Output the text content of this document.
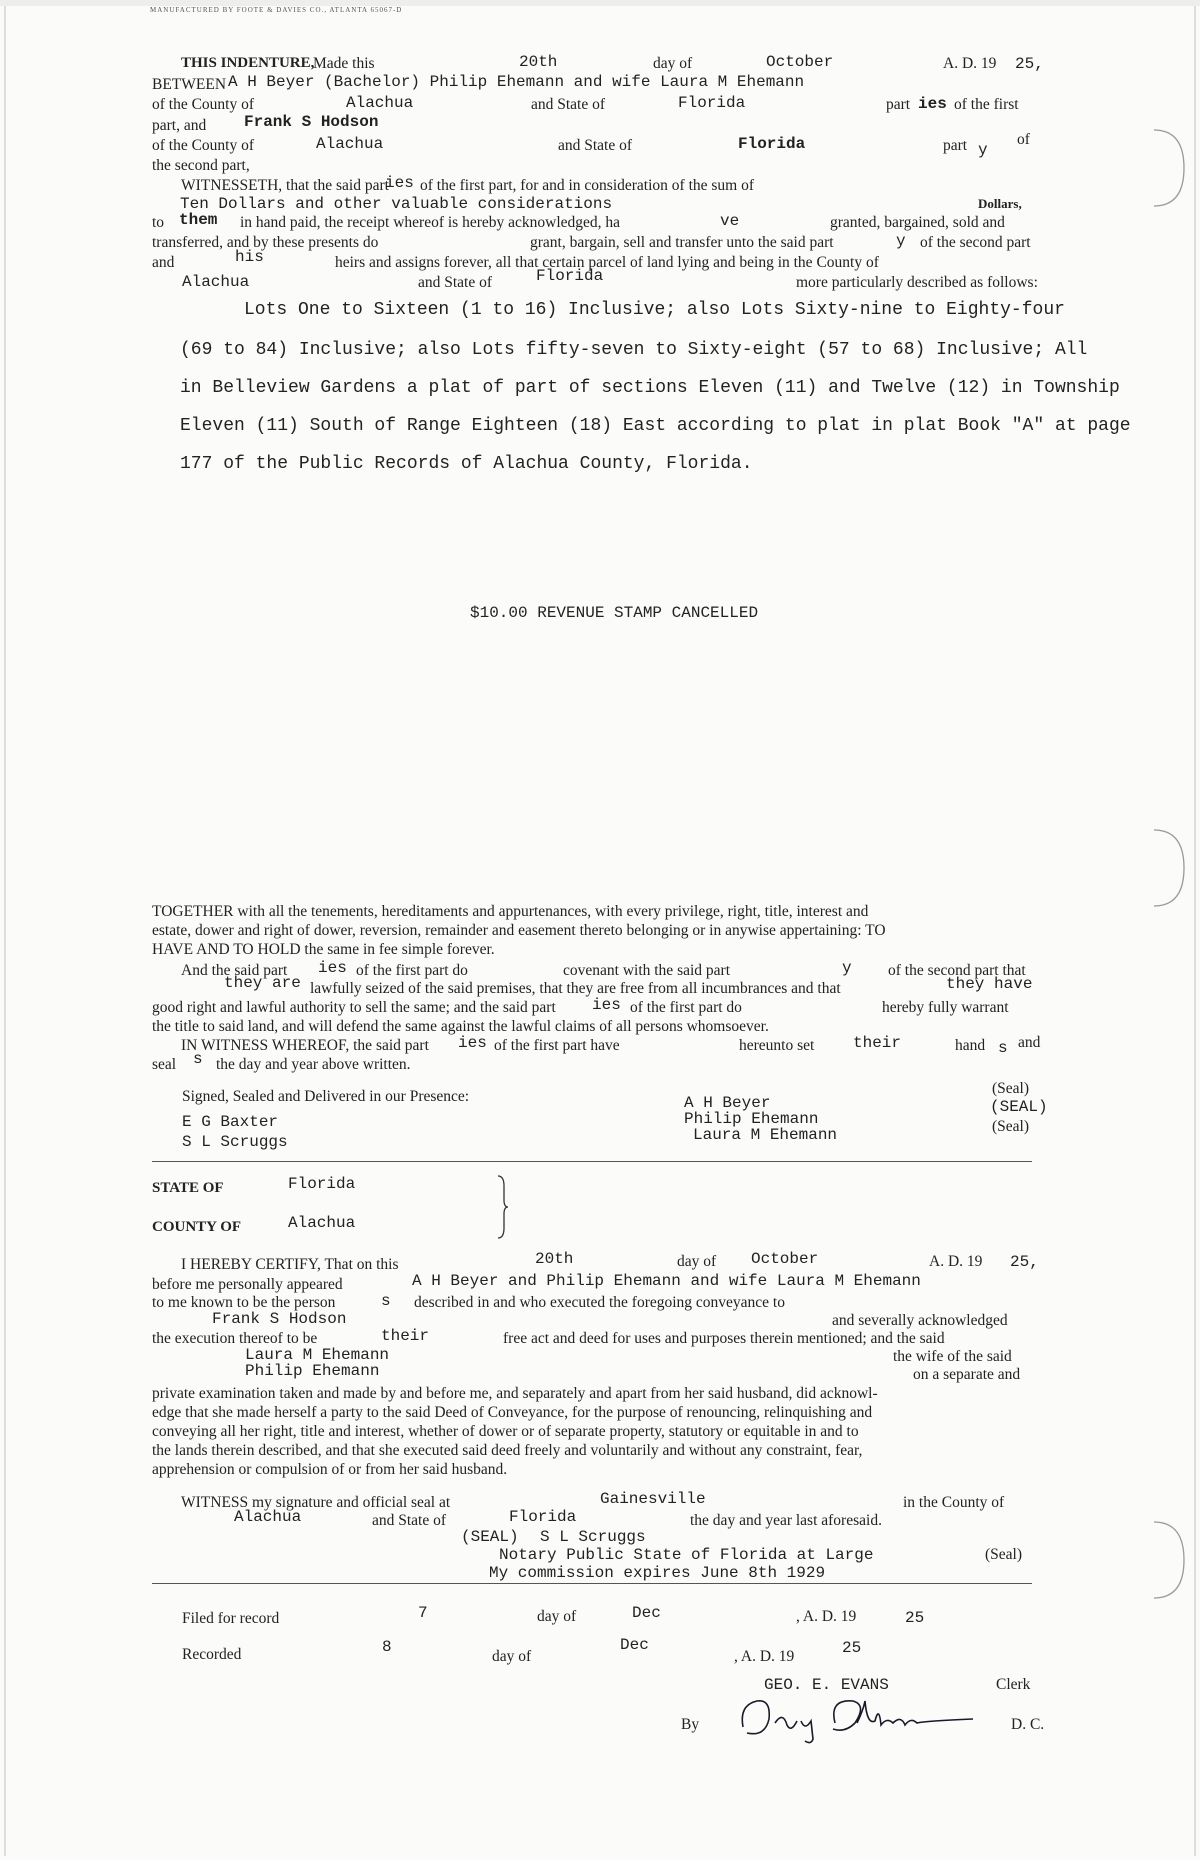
MANUFACTURED BY FOOTE & DAVIES CO., ATLANTA 65067-D
THIS INDENTURE,
Made this	20th	day of	October	A. D. 19 25,
BETWEEN A H Beyer (Bachelor) Philip Ehemann and wife Laura M Ehemann
of the County of	Alachua	and State of	Florida	part ies of the first
part, and Frank S Hodson
of the County of	Alachua	and State of	Florida	part y
of
the second part,
WITNESSETH, that the said part
ies of the first part, for and in consideration of the sum of
Ten Dollars and other valuable considerations	Dollars,
to them in hand paid, the receipt whereof is hereby acknowledged, ha	ve	granted, bargained, sold and
transferred, and by these presents do	grant, bargain, sell and transfer unto the said part	y of the second part
and	his	heirs and assigns forever, all that certain parcel of land lying and being in the County of
Alachua	and State of	Florida	more particularly described as follows:
Lots One to Sixteen (1 to 16) Inclusive; also Lots Sixty-nine to Eighty-four
(69 to 84) Inclusive; also Lots fifty-seven to Sixty-eight (57 to 68) Inclusive; All
in Belleview Gardens a plat of part of sections Eleven (11) and Twelve (12) in Township
Eleven (11) South of Range Eighteen (18) East according to plat in plat Book "A" at page
177 of the Public Records of Alachua County, Florida.
$10.00 REVENUE STAMP CANCELLED
TOGETHER with all the tenements, hereditaments and appurtenances, with every privilege, right, title, interest and
estate, dower and right of dower, reversion, remainder and easement thereto belonging or in anywise appertaining: TO
HAVE AND TO HOLD the same in fee simple forever.
And the said part ies of the first part do	covenant with the said part	y of the second part that
they are lawfully seized of the said premises, that they are free from all incumbrances and that	they have
good right and lawful authority to sell the same; and the said part ies of the first part do	hereby fully warrant
the title to said land, and will defend the same against the lawful claims of all persons whomsoever.
IN WITNESS WHEREOF, the said part ies of the first part have	hereunto set their	hand s and
seal s the day and year above written.
Signed, Sealed and Delivered in our Presence:
E G Baxter
S L Scruggs
A H Beyer
Philip Ehemann
Laura M Ehemann
(Seal)
(SEAL)
(Seal)
STATE OF	Florida
COUNTY OF	Alachua
I HEREBY CERTIFY, That on this	20th	day of October	A. D. 19 25,
before me personally appeared	A H Beyer and Philip Ehemann and wife Laura M Ehemann
to me known to be the person	s described in and who executed the foregoing conveyance to
Frank S Hodson	and severally acknowledged
the execution thereof to be	their	free act and deed for uses and purposes therein mentioned; and the said
Laura M Ehemann	the wife of the said
Philip Ehemann	on a separate and
private examination taken and made by and before me, and separately and apart from her said husband, did acknowl-
edge that she made herself a party to the said Deed of Conveyance, for the purpose of renouncing, relinquishing and
conveying all her right, title and interest, whether of dower or of separate property, statutory or equitable in and to
the lands therein described, and that she executed said deed freely and voluntarily and without any constraint, fear,
apprehension or compulsion of or from her said husband.
WITNESS my signature and official seal at	Gainesville	in the County of
Alachua	and State of	Florida	the day and year last aforesaid.
(SEAL) S L Scruggs
Notary Public State of Florida at Large	(Seal)
My commission expires June 8th 1929
Filed for record	7	day of	Dec	, A. D. 19	25
Recorded	8
day of
Dec
, A. D. 19	25
GEO. E. EVANS	Clerk
By	D. C.
